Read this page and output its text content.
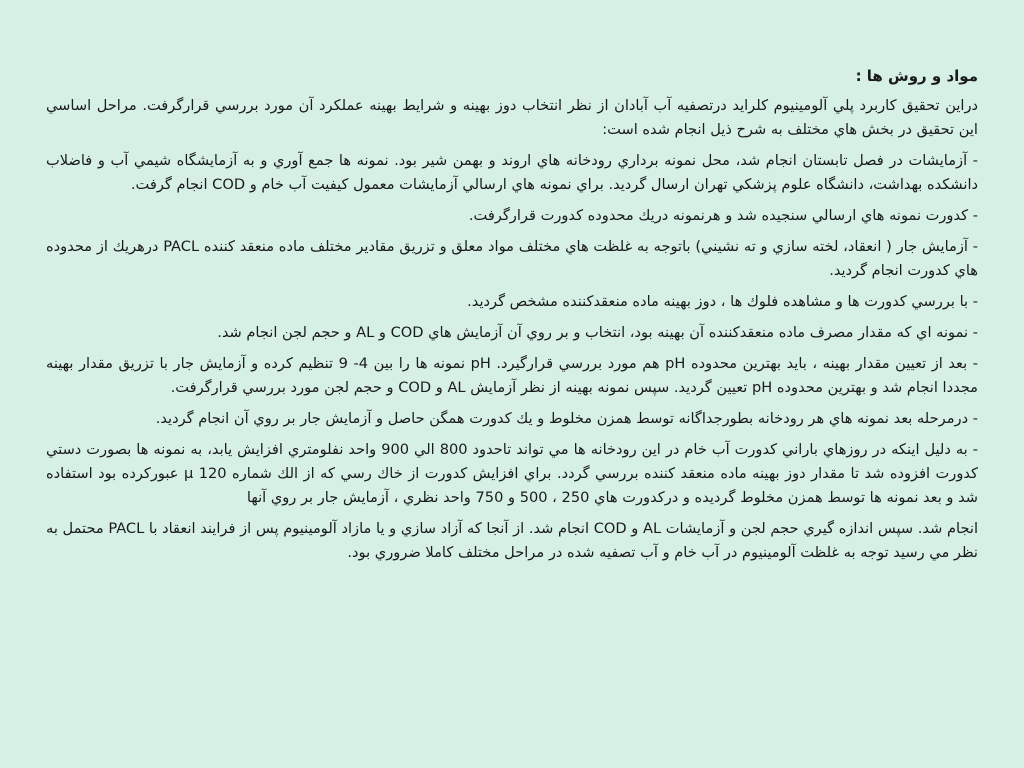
مواد و روش ها :

دراين تحقيق كاربرد پلي آلومينيوم كلرايد درتصفيه آب آبادان از نظر انتخاب دوز بهينه و شرايط بهينه عملكرد آن مورد بررسي قرارگرفت. مراحل اساسي اين تحقيق در بخش هاي مختلف به شرح ذيل انجام شده است:

- آزمايشات در فصل تابستان انجام شد، محل نمونه برداري رودخانه هاي اروند و بهمن شير بود. نمونه ها جمع آوري و به آزمايشگاه شيمي آب و فاضلاب دانشكده بهداشت، دانشگاه علوم پزشكي تهران ارسال گرديد. براي نمونه هاي ارسالي آزمايشات معمول كيفيت آب خام و COD انجام گرفت.

- كدورت نمونه هاي ارسالي سنجيده شد و هرنمونه دريك محدوده كدورت قرارگرفت.

- آزمايش جار ( انعقاد، لخته سازي و ته نشيني) باتوجه به غلظت هاي مختلف مواد معلق و تزريق مقادير مختلف ماده منعقد كننده PACL درهريك از محدوده هاي كدورت انجام گرديد.

- با بررسي كدورت ها و مشاهده فلوك ها ، دوز بهينه ماده منعقدكننده مشخص گرديد.

- نمونه اي كه مقدار مصرف ماده منعقدكننده آن بهينه بود، انتخاب و بر روي آن آزمايش هاي COD و AL و حجم لجن انجام شد.

- بعد از تعيين مقدار بهينه ، بايد بهترين محدوده pH هم مورد بررسي قرارگيرد. pH نمونه ها را بين 4- 9 تنظيم كرده و آزمايش جار با تزريق مقدار بهينه مجددا انجام شد و بهترين محدوده pH تعيين گرديد. سپس نمونه بهينه از نظر آزمايش AL و COD و حجم لجن مورد بررسي قرارگرفت.

- درمرحله بعد نمونه هاي هر رودخانه بطورجداگانه توسط همزن مخلوط و يك كدورت همگن حاصل و آزمايش جار بر روي آن انجام گرديد.

- به دليل اينكه در روزهاي باراني كدورت آب خام در اين رودخانه ها مي تواند تاحدود 800 الي 900 واحد نفلومتري افزايش يابد، به نمونه ها بصورت دستي كدورت افزوده شد تا مقدار دوز بهينه ماده منعقد كننده بررسي گردد. براي افزايش كدورت از خاك رسي كه از الك شماره 120 μ عبوركرده بود استفاده شد و بعد نمونه ها توسط همزن مخلوط گرديده و دركدورت هاي 250 ، 500 و 750 واحد نظري ، آزمايش جار بر روي آنها

انجام شد. سپس اندازه گيري حجم لجن و آزمايشات AL و COD انجام شد. از آنجا كه آزاد سازي و يا مازاد آلومينيوم پس از فرايند انعقاد با PACL محتمل به نظر مي رسيد توجه به غلظت آلومينيوم در آب خام و آب تصفيه شده در مراحل مختلف كاملا ضروري بود.
